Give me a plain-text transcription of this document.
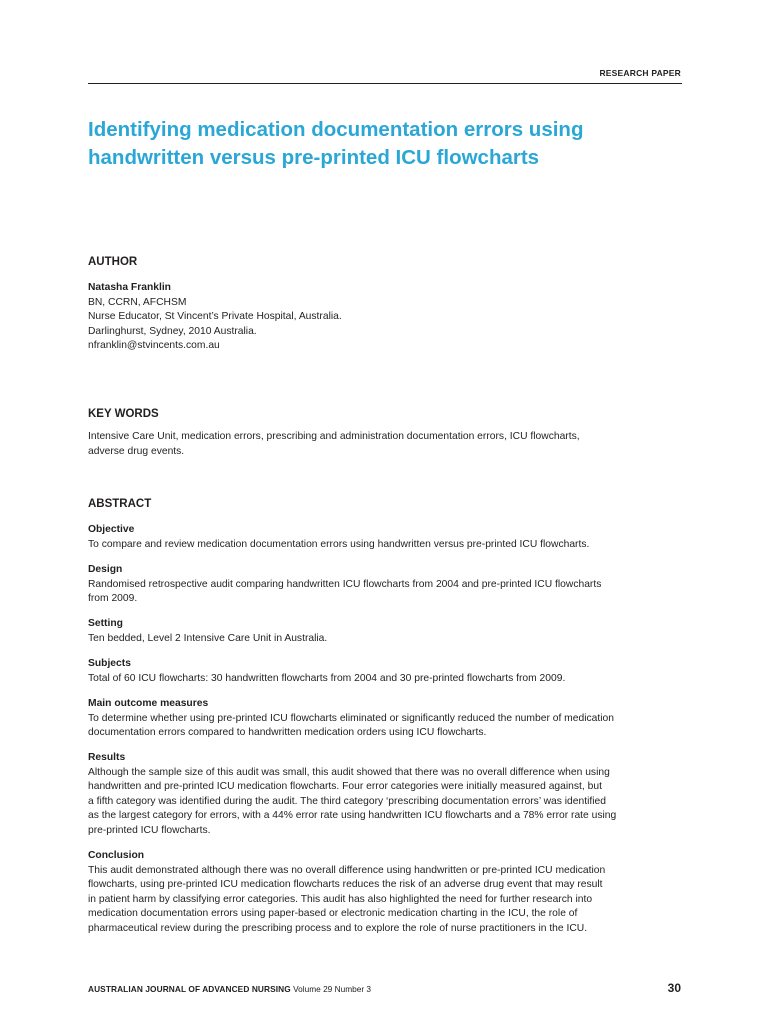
RESEARCH PAPER
Identifying medication documentation errors using
handwritten versus pre-printed ICU flowcharts
AUTHOR
Natasha Franklin
BN, CCRN, AFCHSM
Nurse Educator, St Vincent’s Private Hospital, Australia.
Darlinghurst, Sydney, 2010 Australia.
nfranklin@stvincents.com.au
KEY WORDS
Intensive Care Unit, medication errors, prescribing and administration documentation errors, ICU flowcharts,
adverse drug events.
ABSTRACT
Objective
To compare and review medication documentation errors using handwritten versus pre-printed ICU flowcharts.
Design
Randomised retrospective audit comparing handwritten ICU flowcharts from 2004 and pre-printed ICU flowcharts
from 2009.
Setting
Ten bedded, Level 2 Intensive Care Unit in Australia.
Subjects
Total of 60 ICU flowcharts: 30 handwritten flowcharts from 2004 and 30 pre-printed flowcharts from 2009.
Main outcome measures
To determine whether using pre-printed ICU flowcharts eliminated or significantly reduced the number of medication
documentation errors compared to handwritten medication orders using ICU flowcharts.
Results
Although the sample size of this audit was small, this audit showed that there was no overall difference when using
handwritten and pre-printed ICU medication flowcharts. Four error categories were initially measured against, but
a fifth category was identified during the audit. The third category ‘prescribing documentation errors’ was identified
as the largest category for errors, with a 44% error rate using handwritten ICU flowcharts and a 78% error rate using
pre-printed ICU flowcharts.
Conclusion
This audit demonstrated although there was no overall difference using handwritten or pre-printed ICU medication
flowcharts, using pre-printed ICU medication flowcharts reduces the risk of an adverse drug event that may result
in patient harm by classifying error categories. This audit has also highlighted the need for further research into
medication documentation errors using paper-based or electronic medication charting in the ICU, the role of
pharmaceutical review during the prescribing process and to explore the role of nurse practitioners in the ICU.
AUSTRALIAN JOURNAL OF ADVANCED NURSING Volume 29 Number 3	30
